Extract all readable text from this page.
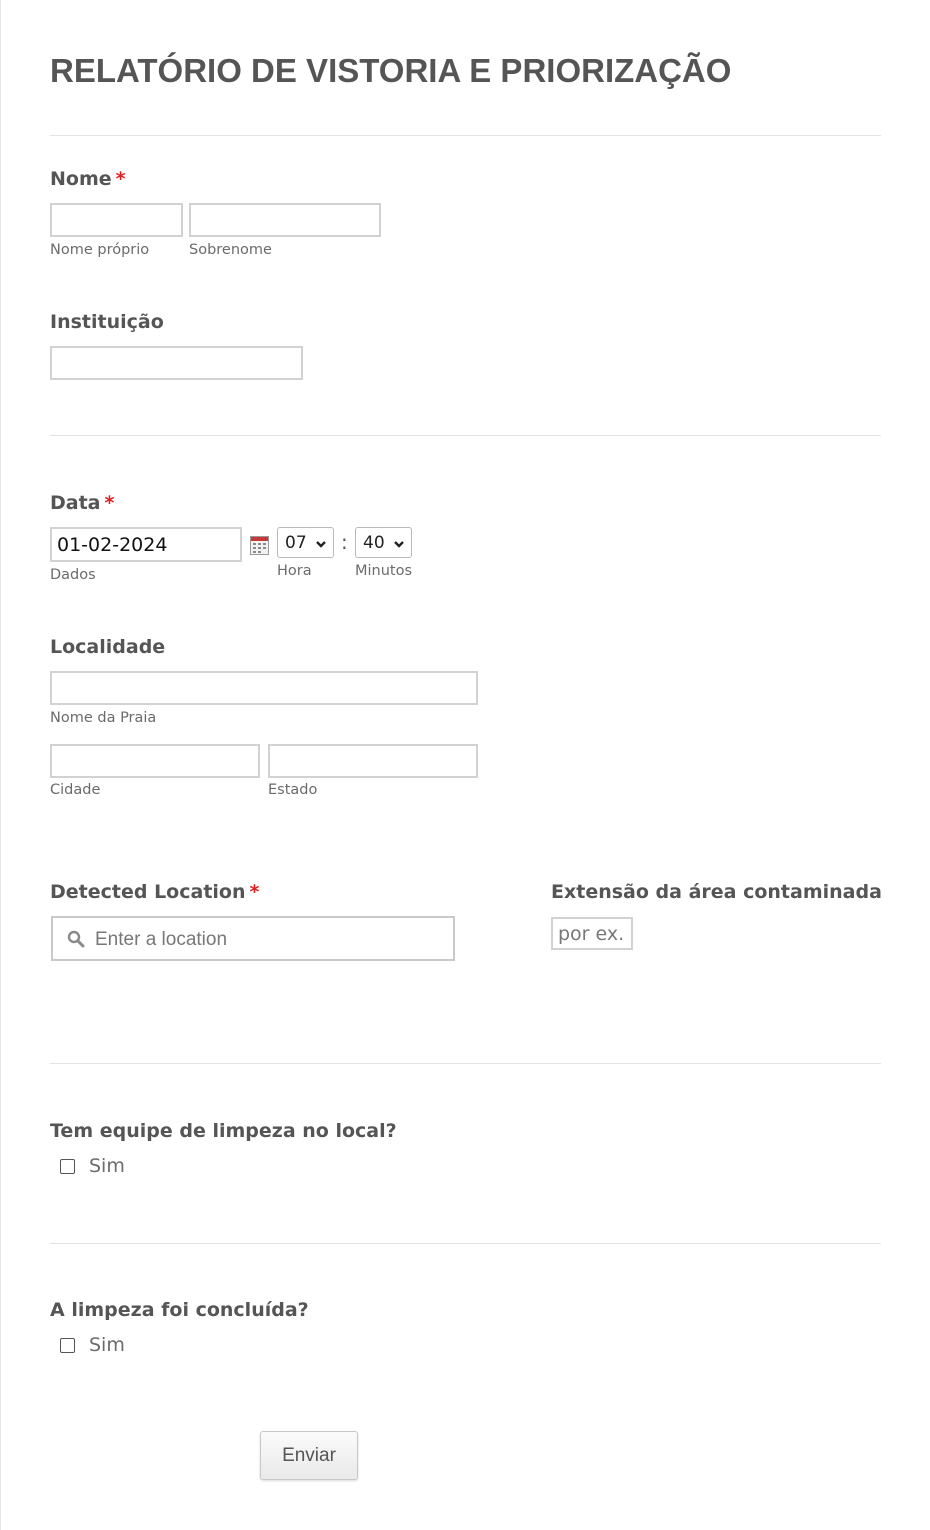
RELATÓRIO DE VISTORIA E PRIORIZAÇÃO
Nome *
Nome próprio	Sobrenome
Instituição
Data *
01-02-2024
Dados
07 : 40
Hora	Minutos
Localidade
Nome da Praia
Cidade	Estado
Detected Location *
Enter a location	Extensão da área contaminada
por ex.
Tem equipe de limpeza no local?
Sim
A limpeza foi concluída?
Sim
Enviar
